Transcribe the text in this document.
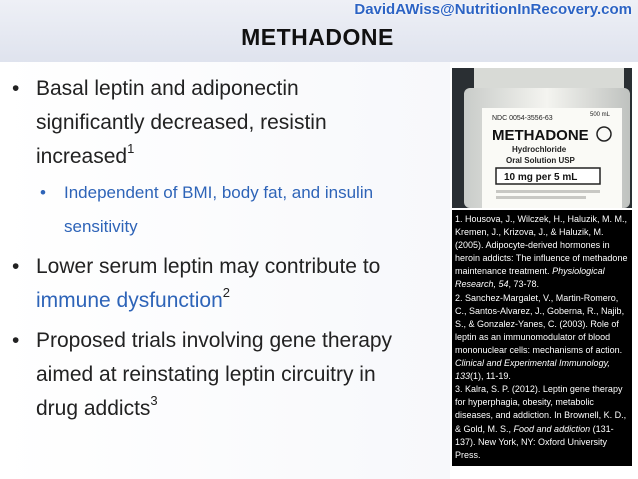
DavidAWiss@NutritionInRecovery.com
METHADONE
• Basal leptin and adiponectin
significantly decreased, resistin
increased$^1$
• Independent of BMI, body fat, and insulin sensitivity
• Lower serum leptin may contribute to
immune dysfunction$^2$
• Proposed trials involving gene therapy
aimed at reinstating leptin circuitry in
drug addicts$^3$
NDC 0054-3556-63	500 mL
METHADONE
Hydrochloride
Oral Solution USP
10 mg per 5 mL

1. Housova, J., Wilczek, H., Haluzik, M. M., Kremen, J., Krizova, J., & Haluzik, M. (2005). Adipocyte-derived hormones in heroin addicts: The influence of methadone maintenance treatment. Physiological Research, 54, 73-78.

2. Sanchez-Margalet, V., Martin-Romero, C., Santos-Alvarez, J., Goberna, R., Najib, S., & Gonzalez-Yanes, C. (2003). Role of leptin as an immunomodulator of blood mononuclear cells: mechanisms of action. Clinical and Experimental Immunology, 133(1), 11-19.

3. Kalra, S. P. (2012). Leptin gene therapy for hyperphagia, obesity, metabolic diseases, and addiction. In Brownell, K. D., & Gold, M. S., Food and addiction (131-137). New York, NY: Oxford University Press.
